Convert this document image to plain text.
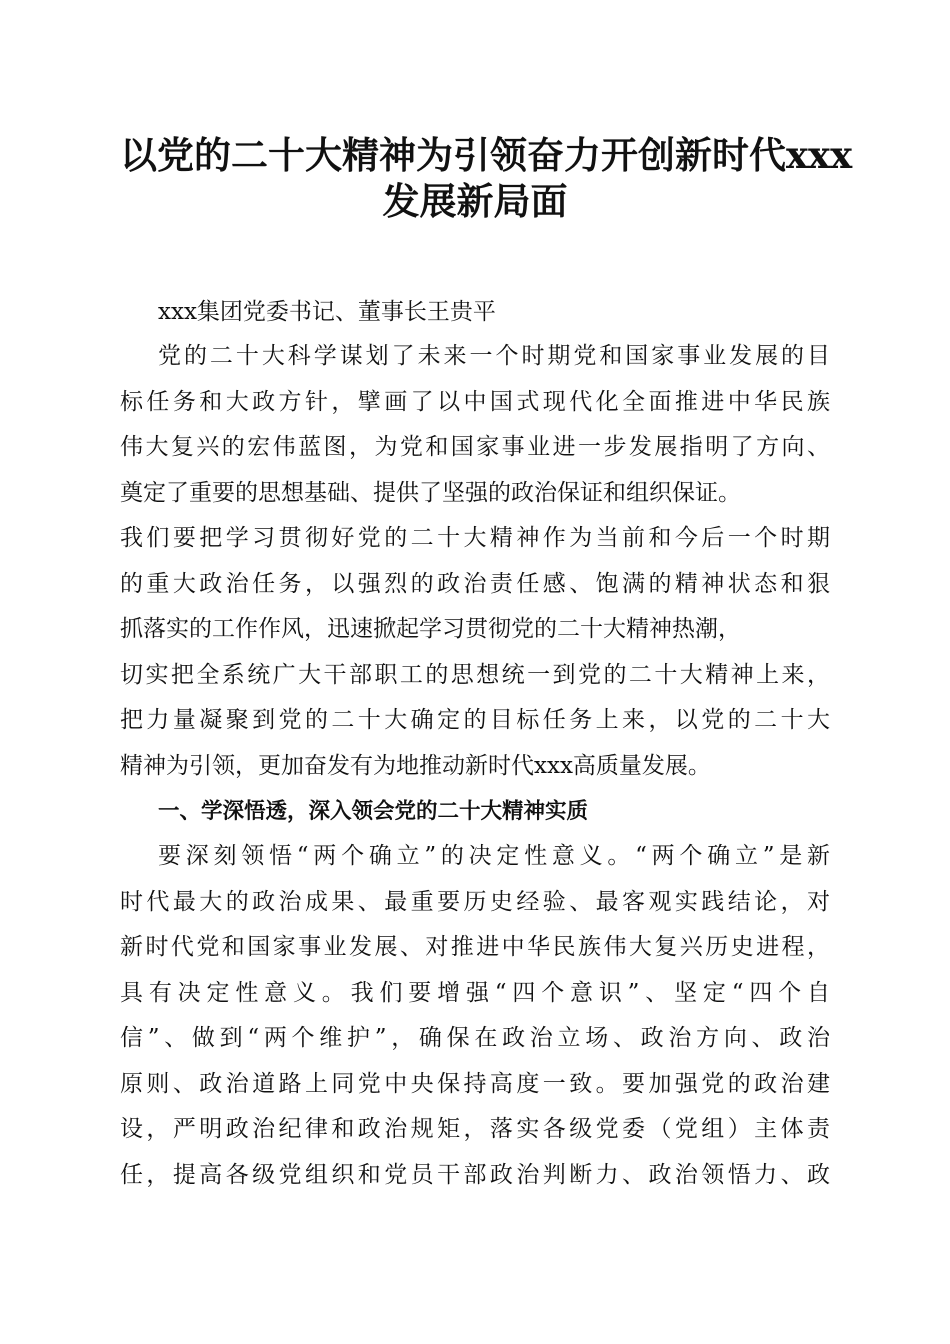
以党的二十大精神为引领奋力开创新时代xxx
发展新局面

xxx集团党委书记、董事长王贵平

党的二十大科学谋划了未来一个时期党和国家事业发展的目
标任务和大政方针，擘画了以中国式现代化全面推进中华民族
伟大复兴的宏伟蓝图，为党和国家事业进一步发展指明了方向、
奠定了重要的思想基础、提供了坚强的政治保证和组织保证。
我们要把学习贯彻好党的二十大精神作为当前和今后一个时期
的重大政治任务，以强烈的政治责任感、饱满的精神状态和狠
抓落实的工作作风，迅速掀起学习贯彻党的二十大精神热潮，
切实把全系统广大干部职工的思想统一到党的二十大精神上来，
把力量凝聚到党的二十大确定的目标任务上来，以党的二十大
精神为引领，更加奋发有为地推动新时代xxx高质量发展。
一、学深悟透，深入领会党的二十大精神实质
要深刻领悟“两个确立”的决定性意义。“两个确立”是新
时代最大的政治成果、最重要历史经验、最客观实践结论，对
新时代党和国家事业发展、对推进中华民族伟大复兴历史进程，
具有决定性意义。我们要增强“四个意识”、坚定“四个自
信”、做到“两个维护”，确保在政治立场、政治方向、政治
原则、政治道路上同党中央保持高度一致。要加强党的政治建
设，严明政治纪律和政治规矩，落实各级党委（党组）主体责
任，提高各级党组织和党员干部政治判断力、政治领悟力、政
